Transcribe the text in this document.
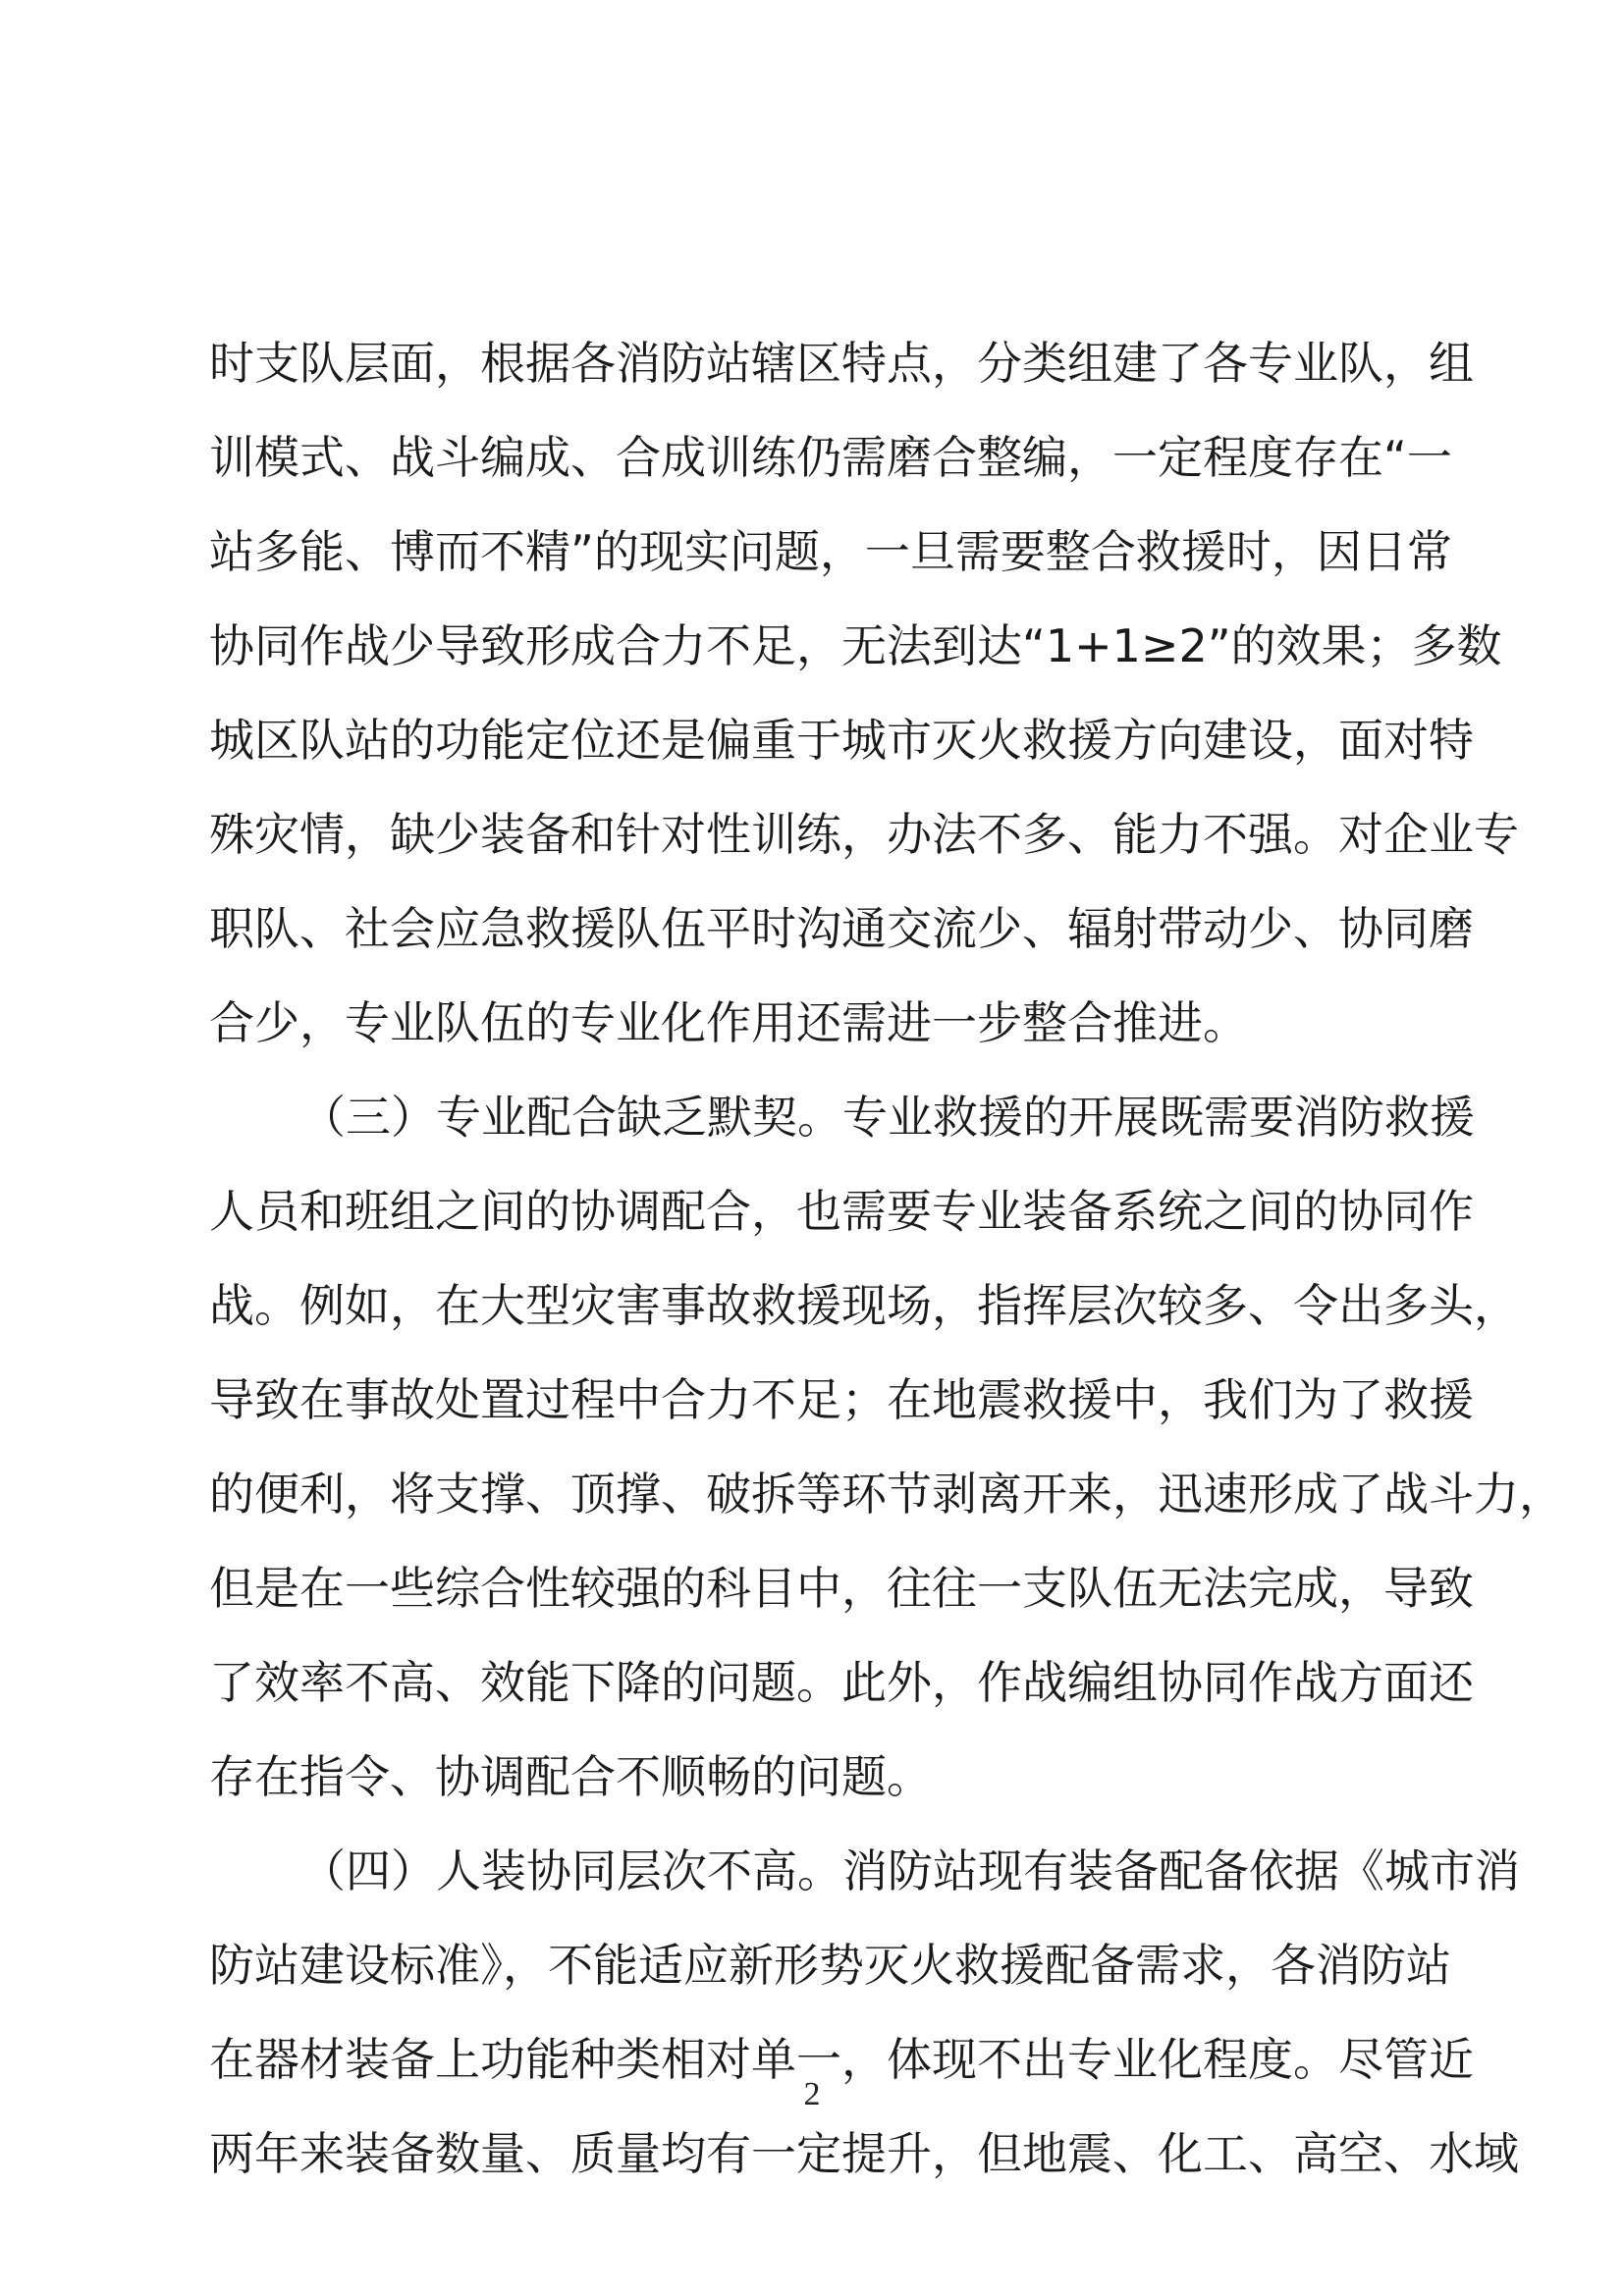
时支队层面，根据各消防站辖区特点，分类组建了各专业队，组
训模式、战斗编成、合成训练仍需磨合整编，一定程度存在“一
站多能、博而不精”的现实问题，一旦需要整合救援时，因日常
协同作战少导致形成合力不足，无法到达“1+1≥2”的效果；多数
城区队站的功能定位还是偏重于城市灭火救援方向建设，面对特
殊灾情，缺少装备和针对性训练，办法不多、能力不强。对企业专
职队、社会应急救援队伍平时沟通交流少、辐射带动少、协同磨
合少，专业队伍的专业化作用还需进一步整合推进。
（三）专业配合缺乏默契。专业救援的开展既需要消防救援
人员和班组之间的协调配合，也需要专业装备系统之间的协同作
战。例如，在大型灾害事故救援现场，指挥层次较多、令出多头，
导致在事故处置过程中合力不足；在地震救援中，我们为了救援
的便利，将支撑、顶撑、破拆等环节剥离开来，迅速形成了战斗力，
但是在一些综合性较强的科目中，往往一支队伍无法完成，导致
了效率不高、效能下降的问题。此外，作战编组协同作战方面还
存在指令、协调配合不顺畅的问题。
（四）人装协同层次不高。消防站现有装备配备依据《城市消
防站建设标准》，不能适应新形势灭火救援配备需求，各消防站
在器材装备上功能种类相对单一，体现不出专业化程度。尽管近
两年来装备数量、质量均有一定提升，但地震、化工、高空、水域
2
